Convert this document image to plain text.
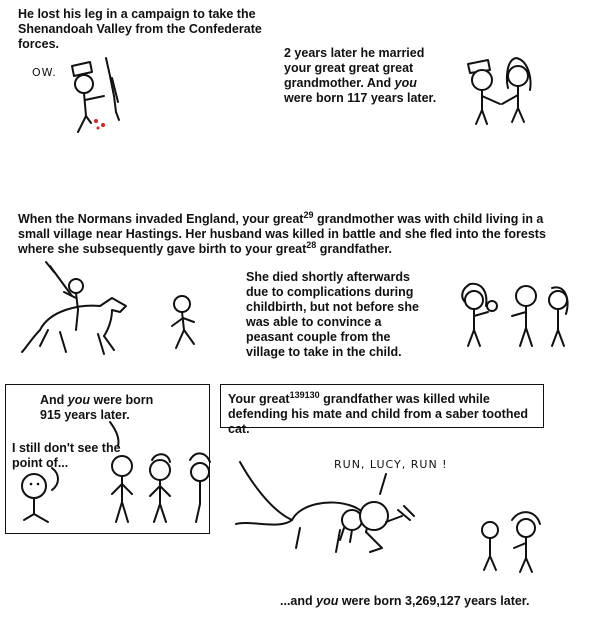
He lost his leg in a campaign to take the Shenandoah Valley from the Confederate forces.

OW.

2 years later he married your great great great grandmother. And you were born 117 years later.

When the Normans invaded England, your great$^{29}$ grandmother was with child living in a small village near Hastings. Her husband was killed in battle and she fled into the forests where she subsequently gave birth to your great$^{28}$ grandfather.

She died shortly afterwards due to complications during childbirth, but not before she was able to convince a peasant couple from the village to take in the child.

And you were born

915 years later.

I still don't see the point of...

Your great$^{139130}$ grandfather was killed while defending his mate and child from a saber toothed cat.

RUN, LUCY, RUN !

...and you were born 3,269,127 years later.
